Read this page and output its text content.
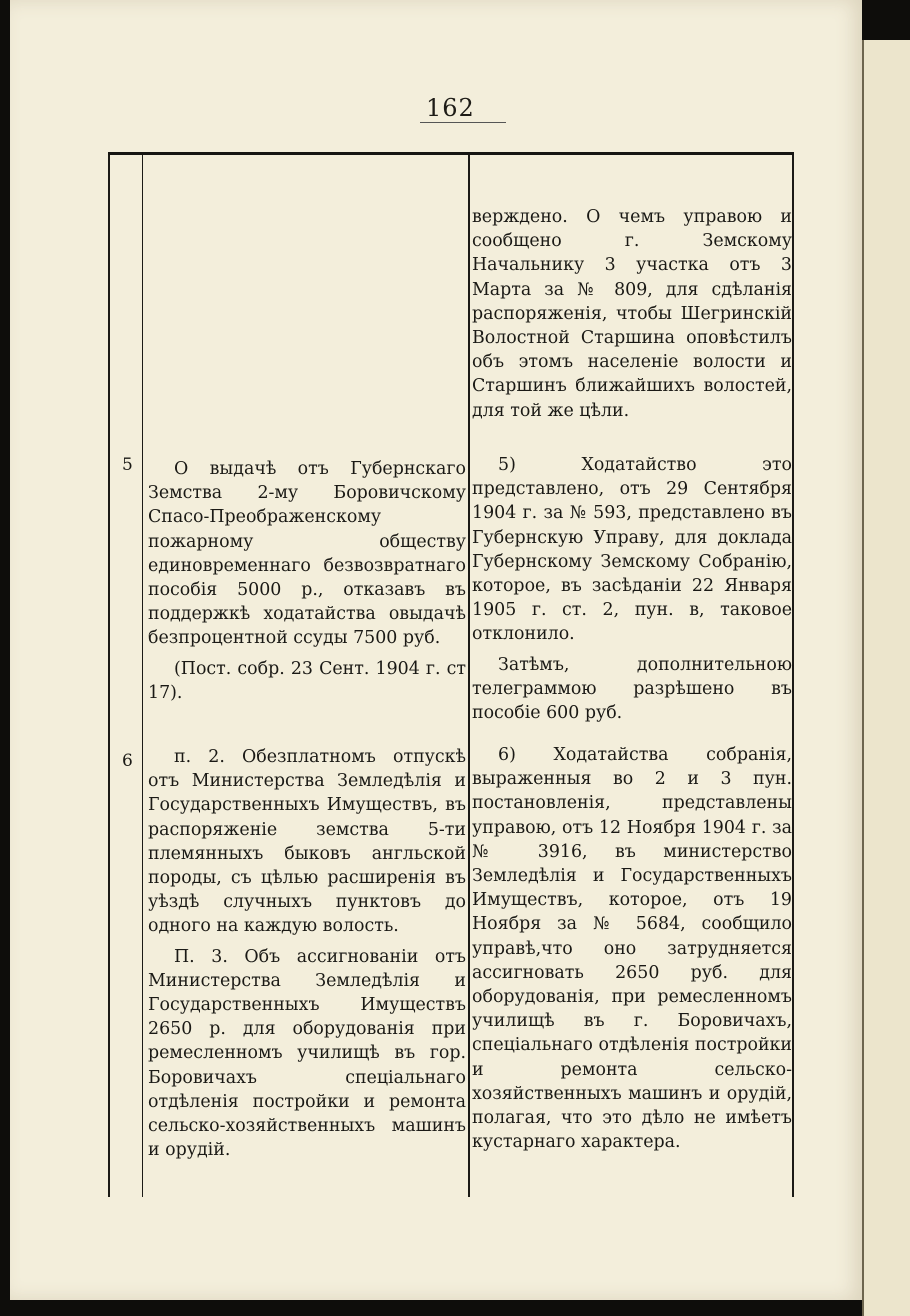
162

верждено. О чемъ управою и сообщено г. Земскому Начальнику 3 участка отъ 3 Марта за № 809, для сдѣланія распоряженія, чтобы Шегринскій Волостной Старшина оповѣстилъ объ этомъ населеніе волости и Старшинъ ближайшихъ волостей, для той же цѣли.

5	О выдачѣ отъ Губернскаго Земства 2-му Боровичскому Спасо-Преображенскому пожарному обществу единовременнаго безвозвратнаго пособія 5000 р., отказавъ въ поддержкѣ ходатайства овыдачѣ безпроцентной ссуды 7500 руб.

(Пост. собр. 23 Сент. 1904 г. ст 17).

5) Ходатайство это представлено, отъ 29 Сентября 1904 г. за № 593, представлено въ Губернскую Управу, для доклада Губернскому Земскому Собранію, которое, въ засѣданіи 22 Января 1905 г. ст. 2, пун. в, таковое отклонило.

Затѣмъ, дополнительною телеграммою разрѣшено въ пособіе 600 руб.

6	п. 2. Обезплатномъ отпускѣ отъ Министерства Земледѣлія и Государственныхъ Имуществъ, въ распоряженіе земства 5-ти племянныхъ быковъ англьской породы, съ цѣлью расширенія въ уѣздѣ случныхъ пунктовъ до одного на каждую волость.

П. 3. Объ ассигнованіи отъ Министерства Земледѣлія и Государственныхъ Имуществъ 2650 р. для оборудованія при ремесленномъ училищѣ въ гор. Боровичахъ спеціальнаго отдѣленія постройки и ремонта сельско-хозяйственныхъ машинъ и орудій.

6) Ходатайства собранія, выраженныя во 2 и 3 пун. постановленія, представлены управою, отъ 12 Ноября 1904 г. за № 3916, въ министерство Земледѣлія и Государственныхъ Имуществъ, которое, отъ 19 Ноября за № 5684, сообщило управѣ,что оно затрудняется ассигновать 2650 руб. для оборудованія, при ремесленномъ училищѣ въ г. Боровичахъ, спеціальнаго отдѣленія постройки и ремонта сельско-хозяйственныхъ машинъ и орудій, полагая, что это дѣло не имѣетъ кустарнаго характера.
